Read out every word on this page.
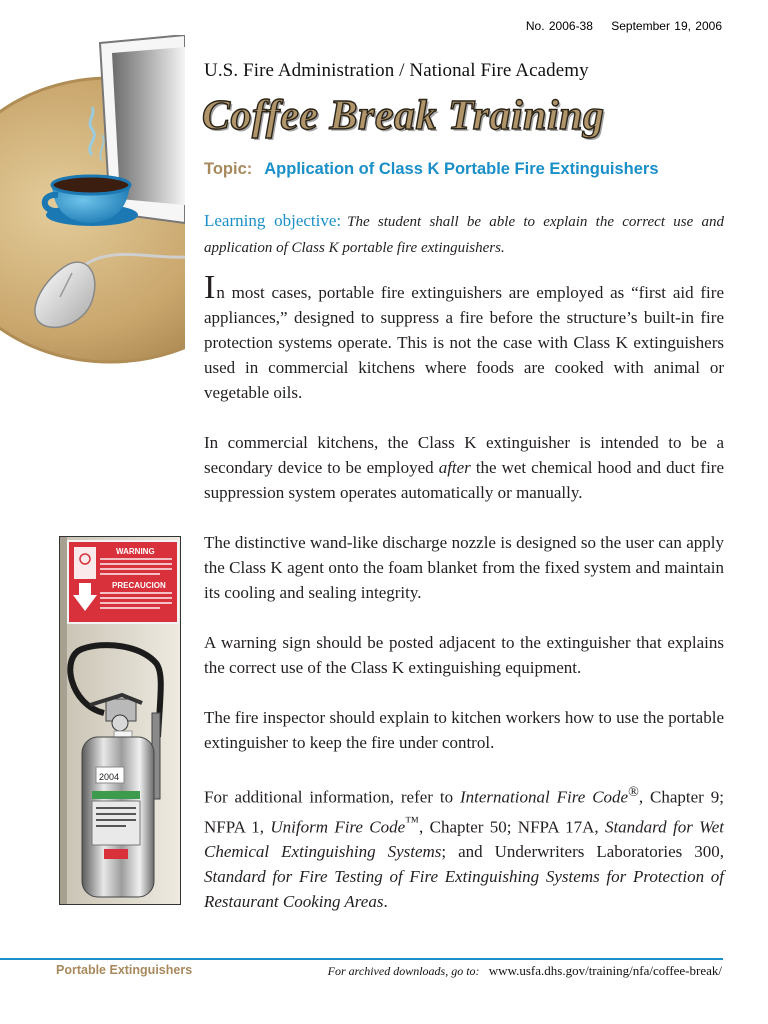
No. 2006-38 September 19, 2006
U.S. Fire Administration / National Fire Academy
Coffee Break Training
Topic: Application of Class K Portable Fire Extinguishers
Learning objective: The student shall be able to explain the correct use and application of Class K portable fire extinguishers.

In most cases, portable fire extinguishers are employed as “first aid fire appliances,” designed to suppress a fire before the structure’s built-in fire protection systems operate. This is not the case with Class K extinguishers used in commercial kitchens where foods are cooked with animal or vegetable oils.

In commercial kitchens, the Class K extinguisher is intended to be a secondary device to be employed after the wet chemical hood and duct fire suppression system operates automatically or manually.

The distinctive wand-like discharge nozzle is designed so the user can apply the Class K agent onto the foam blanket from the fixed system and maintain its cooling and sealing integrity.

A warning sign should be posted adjacent to the extinguisher that explains the correct use of the Class K extinguishing equipment.

The fire inspector should explain to kitchen workers how to use the portable extinguisher to keep the fire under control.

For additional information, refer to International Fire Code®, Chapter 9; NFPA 1, Uniform Fire Code™, Chapter 50; NFPA 17A, Standard for Wet Chemical Extinguishing Systems; and Underwriters Laboratories 300, Standard for Fire Testing of Fire Extinguishing Systems for Protection of Restaurant Cooking Areas.

WARNING
PRECAUCION
2004
Portable Extinguishers	For archived downloads, go to: www.usfa.dhs.gov/training/nfa/coffee-break/
